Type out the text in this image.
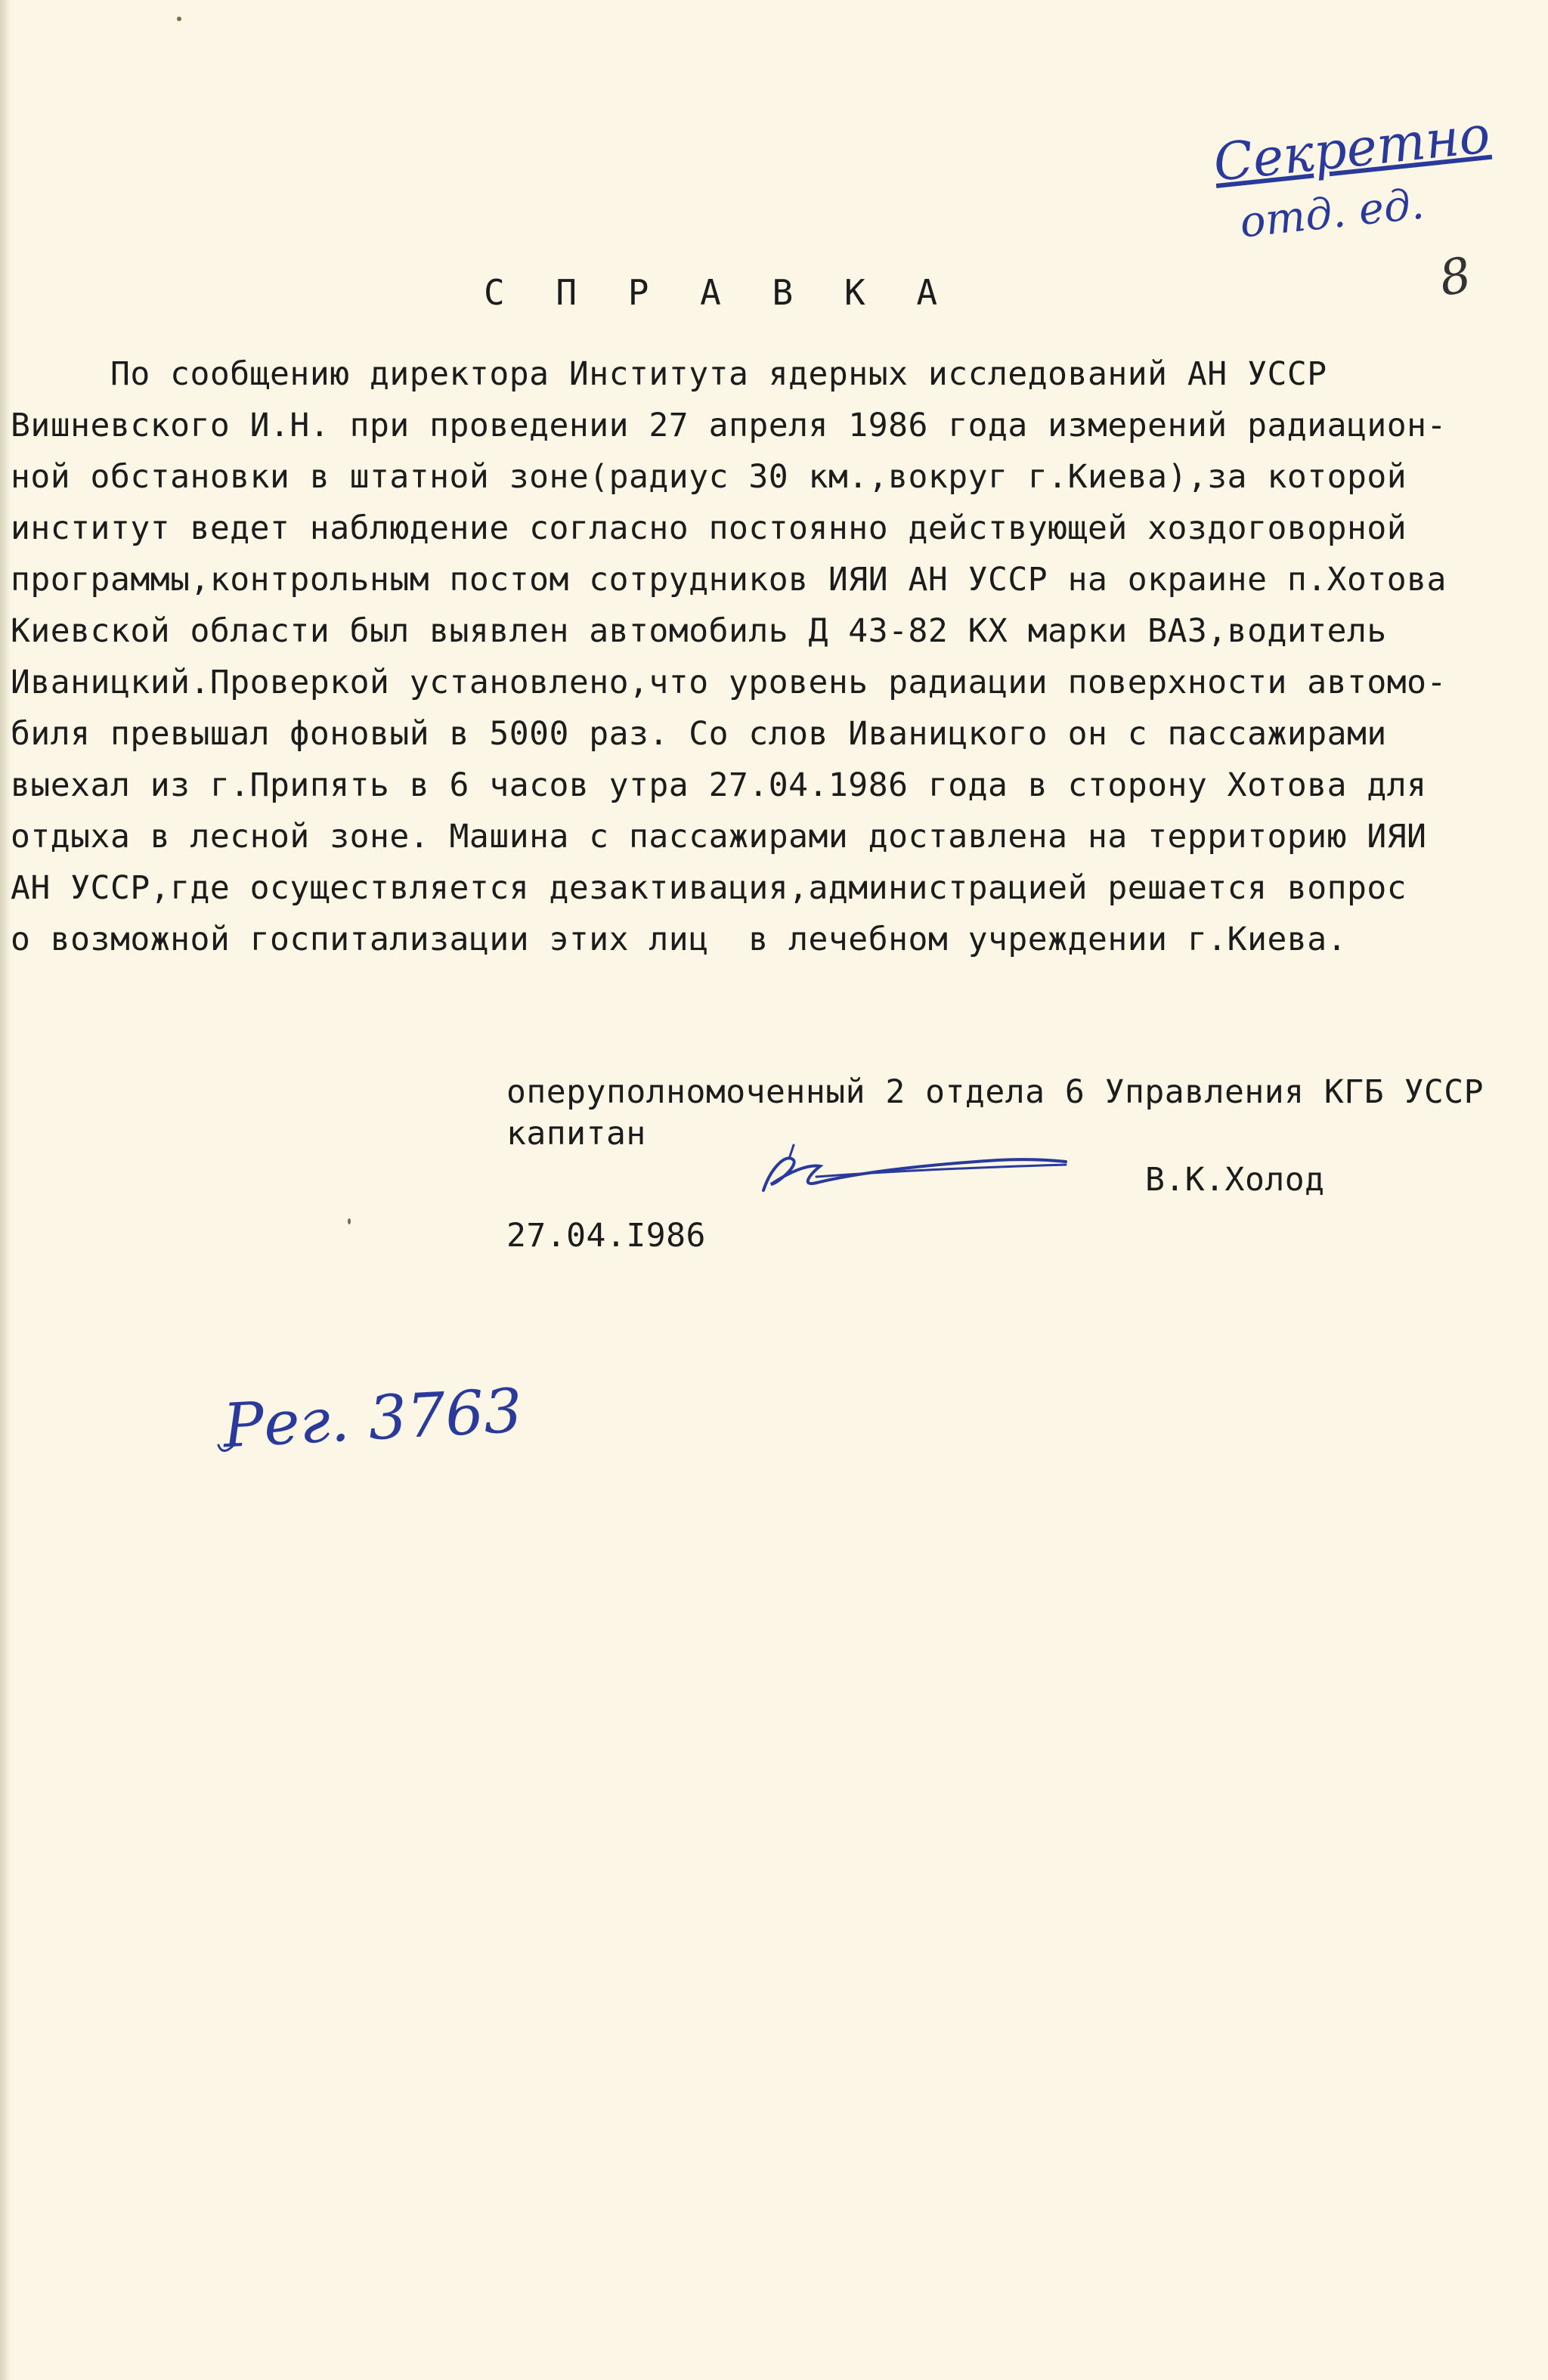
Секретно
отд. ед.
8
С П Р А В К А
По сообщению директора Института ядерных исследований АН УССР
Вишневского И.Н. при проведении 27 апреля 1986 года измерений радиацион-
ной обстановки в штатной зоне(радиус 30 км.,вокруг г.Киева),за которой
институт ведет наблюдение согласно постоянно действующей хоздоговорной
программы,контрольным постом сотрудников ИЯИ АН УССР на окраине п.Хотова
Киевской области был выявлен автомобиль Д 43-82 КХ марки ВАЗ,водитель
Иваницкий.Проверкой установлено,что уровень радиации поверхности автомо-
биля превышал фоновый в 5000 раз. Со слов Иваницкого он с пассажирами
выехал из г.Припять в 6 часов утра 27.04.1986 года в сторону Хотова для
отдыха в лесной зоне. Машина с пассажирами доставлена на территорию ИЯИ
АН УССР,где осуществляется дезактивация,администрацией решается вопрос
о возможной госпитализации этих лиц  в лечебном учреждении г.Киева.
оперуполномоченный 2 отдела 6 Управления КГБ УССР
капитан
В.К.Холод
27.04.I986
Рег. 3763
